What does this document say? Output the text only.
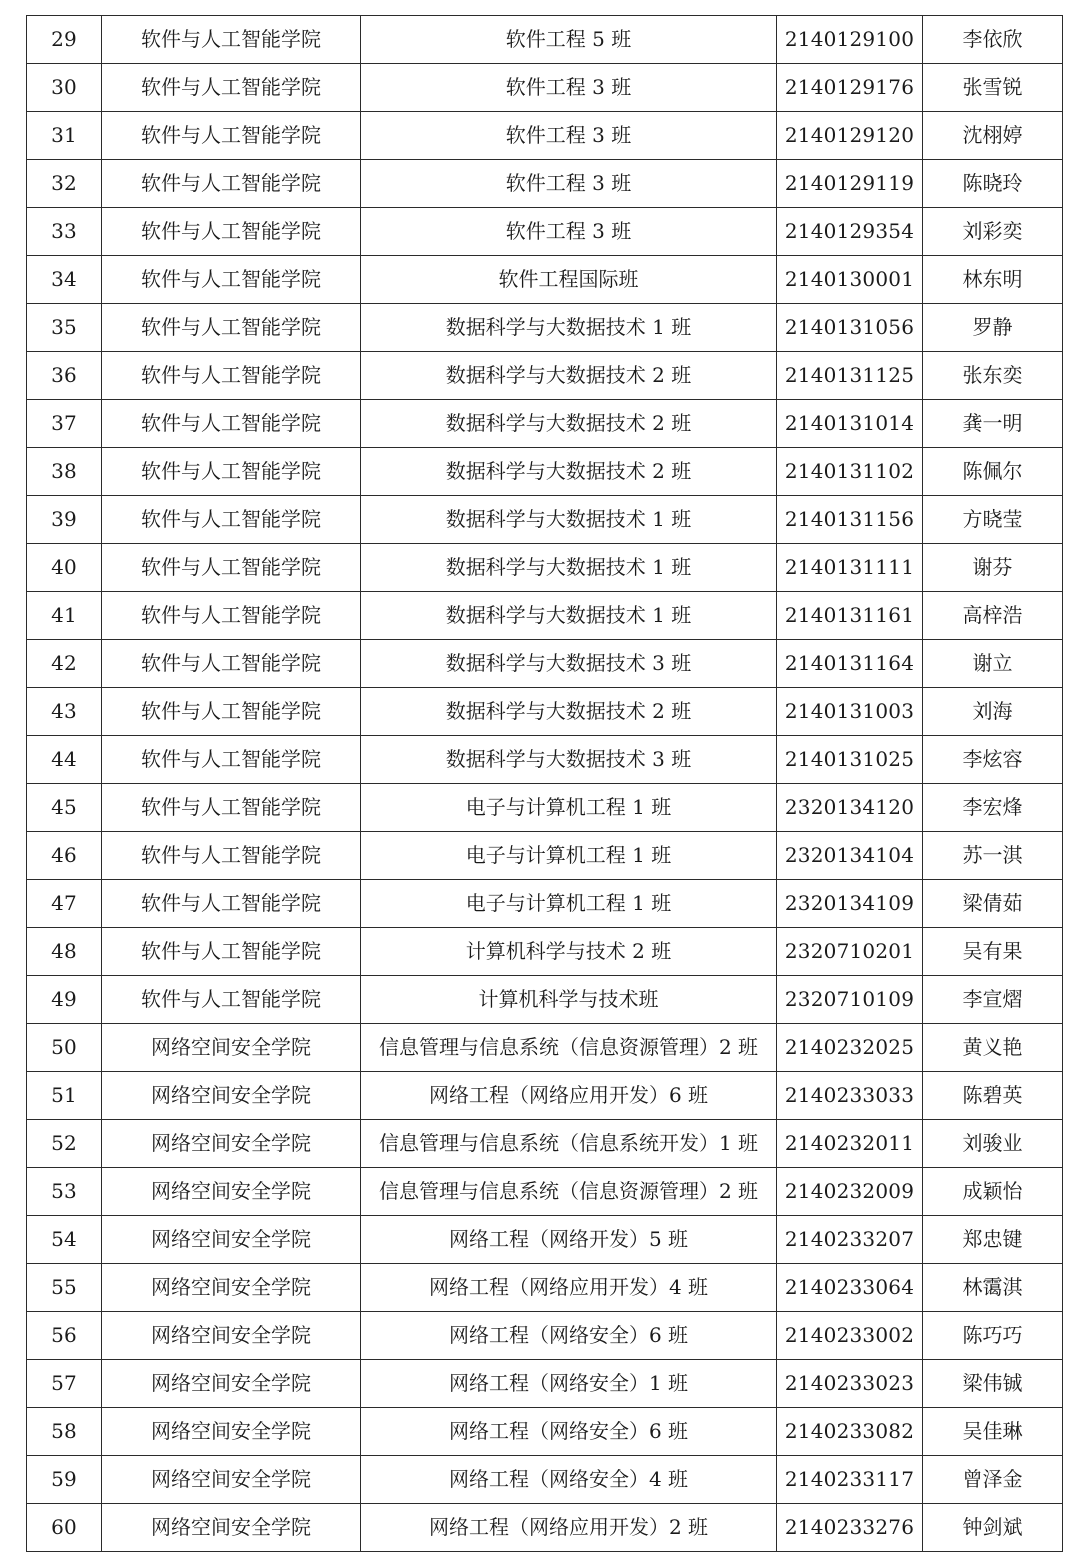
29	软件与人工智能学院	软件工程 5 班	2140129100	李依欣
30	软件与人工智能学院	软件工程 3 班	2140129176	张雪锐
31	软件与人工智能学院	软件工程 3 班	2140129120	沈栩婷
32	软件与人工智能学院	软件工程 3 班	2140129119	陈晓玲
33	软件与人工智能学院	软件工程 3 班	2140129354	刘彩奕
34	软件与人工智能学院	软件工程国际班	2140130001	林东明
35	软件与人工智能学院	数据科学与大数据技术 1 班	2140131056	罗静
36	软件与人工智能学院	数据科学与大数据技术 2 班	2140131125	张东奕
37	软件与人工智能学院	数据科学与大数据技术 2 班	2140131014	龚一明
38	软件与人工智能学院	数据科学与大数据技术 2 班	2140131102	陈佩尔
39	软件与人工智能学院	数据科学与大数据技术 1 班	2140131156	方晓莹
40	软件与人工智能学院	数据科学与大数据技术 1 班	2140131111	谢芬
41	软件与人工智能学院	数据科学与大数据技术 1 班	2140131161	高梓浩
42	软件与人工智能学院	数据科学与大数据技术 3 班	2140131164	谢立
43	软件与人工智能学院	数据科学与大数据技术 2 班	2140131003	刘海
44	软件与人工智能学院	数据科学与大数据技术 3 班	2140131025	李炫容
45	软件与人工智能学院	电子与计算机工程 1 班	2320134120	李宏烽
46	软件与人工智能学院	电子与计算机工程 1 班	2320134104	苏一淇
47	软件与人工智能学院	电子与计算机工程 1 班	2320134109	梁倩茹
48	软件与人工智能学院	计算机科学与技术 2 班	2320710201	吴有果
49	软件与人工智能学院	计算机科学与技术班	2320710109	李宣熠
50	网络空间安全学院	信息管理与信息系统（信息资源管理）2 班	2140232025	黄义艳
51	网络空间安全学院	网络工程（网络应用开发）6 班	2140233033	陈碧英
52	网络空间安全学院	信息管理与信息系统（信息系统开发）1 班	2140232011	刘骏业
53	网络空间安全学院	信息管理与信息系统（信息资源管理）2 班	2140232009	成颖怡
54	网络空间安全学院	网络工程（网络开发）5 班	2140233207	郑忠键
55	网络空间安全学院	网络工程（网络应用开发）4 班	2140233064	林霭淇
56	网络空间安全学院	网络工程（网络安全）6 班	2140233002	陈巧巧
57	网络空间安全学院	网络工程（网络安全）1 班	2140233023	梁伟铖
58	网络空间安全学院	网络工程（网络安全）6 班	2140233082	吴佳琳
59	网络空间安全学院	网络工程（网络安全）4 班	2140233117	曾泽金
60	网络空间安全学院	网络工程（网络应用开发）2 班	2140233276	钟剑斌
